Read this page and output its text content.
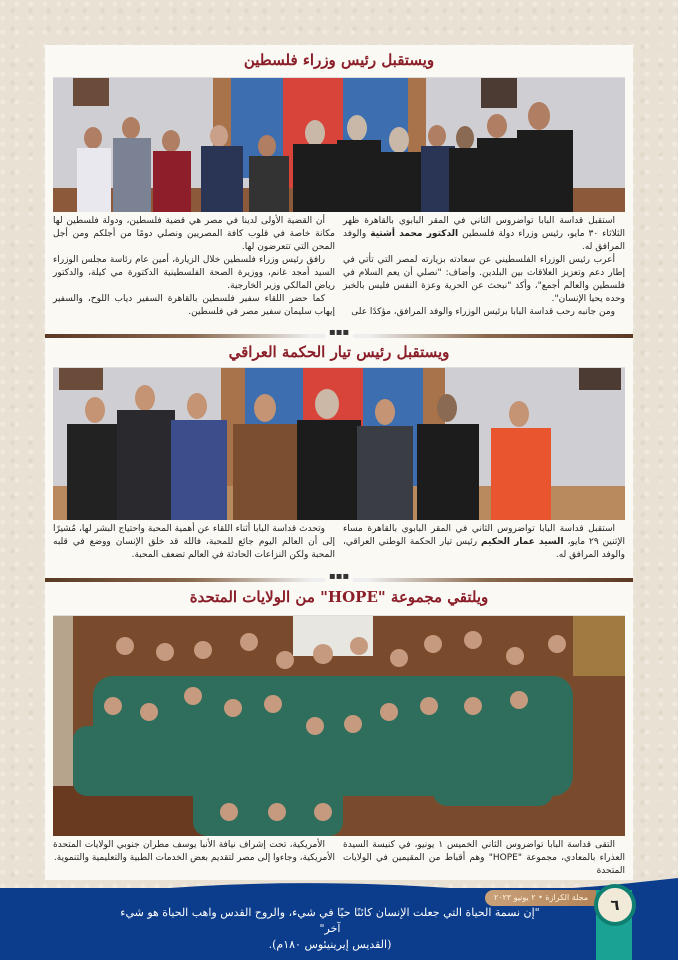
ويستقبل رئيس وزراء فلسطين

استقبل قداسة البابا تواضروس الثاني في المقر البابوي بالقاهرة ظهر الثلاثاء ٣٠ مايو، رئيس وزراء دولة فلسطين الدكتور محمد أشتية والوفد المرافق له.

أعرب رئيس الوزراء الفلسطيني عن سعادته بزيارته لمصر التي تأتي في إطار دعم وتعزيز العلاقات بين البلدين. وأضاف: "نصلي أن يعم السلام في فلسطين والعالم أجمع"، وأكد "نبحث عن الحرية وعزة النفس فليس بالخبز وحده يحيا الإنسان".

ومن جانبه رحب قداسة البابا برئيس الوزراء والوفد المرافق، مؤكدًا على

أن القضية الأولى لدينا في مصر هي قضية فلسطين، ودولة فلسطين لها مكانة خاصة في قلوب كافة المصريين ونصلي دومًا من أجلكم ومن أجل المحن التي تتعرضون لها.

رافق رئيس وزراء فلسطين خلال الزيارة، أمين عام رئاسة مجلس الوزراء السيد أمجد غانم، ووزيرة الصحة الفلسطينية الدكتورة مي كيلة، والدكتور رياض المالكي وزير الخارجية.

كما حضر اللقاء سفير فلسطين بالقاهرة السفير دياب اللوح، والسفير إيهاب سليمان سفير مصر في فلسطين.

▪▪▪
ويستقبل رئيس تيار الحكمة العراقي

استقبل قداسة البابا تواضروس الثاني في المقر البابوي بالقاهرة مساء الإثنين ٢٩ مايو، السيد عمار الحكيم رئيس تيار الحكمة الوطني العراقي، والوفد المرافق له.

وتحدث قداسة البابا أثناء اللقاء عن أهمية المحبة واحتياج البشر لها، مُشيرًا إلى أن العالم اليوم جائع للمحبة، فالله قد خلق الإنسان ووضع في قلبه المحبة ولكن النزاعات الحادثة في العالم تضعف المحبة.

▪▪▪
ويلتقي مجموعة "HOPE" من الولايات المتحدة

التقى قداسة البابا تواضروس الثاني الخميس ١ يونيو، في كنيسة السيدة العذراء بالمعادي، مجموعة "HOPE" وهم أقباط من المقيمين في الولايات المتحدة

الأمريكية، تحت إشراف نيافة الأنبا يوسف مطران جنوبي الولايات المتحدة الأمريكية، وجاءوا إلى مصر لتقديم بعض الخدمات الطبية والتعليمية والتنموية.

مجلة الكرازة • ٢ يونيو ٢٠٢٣	٦
"إن نسمة الحياة التي جعلت الإنسان كائنًا حيًا في شيء، والروح القدس واهب الحياة هو شيء آخر"
(القديس إيرينيئوس ١٨٠م).
